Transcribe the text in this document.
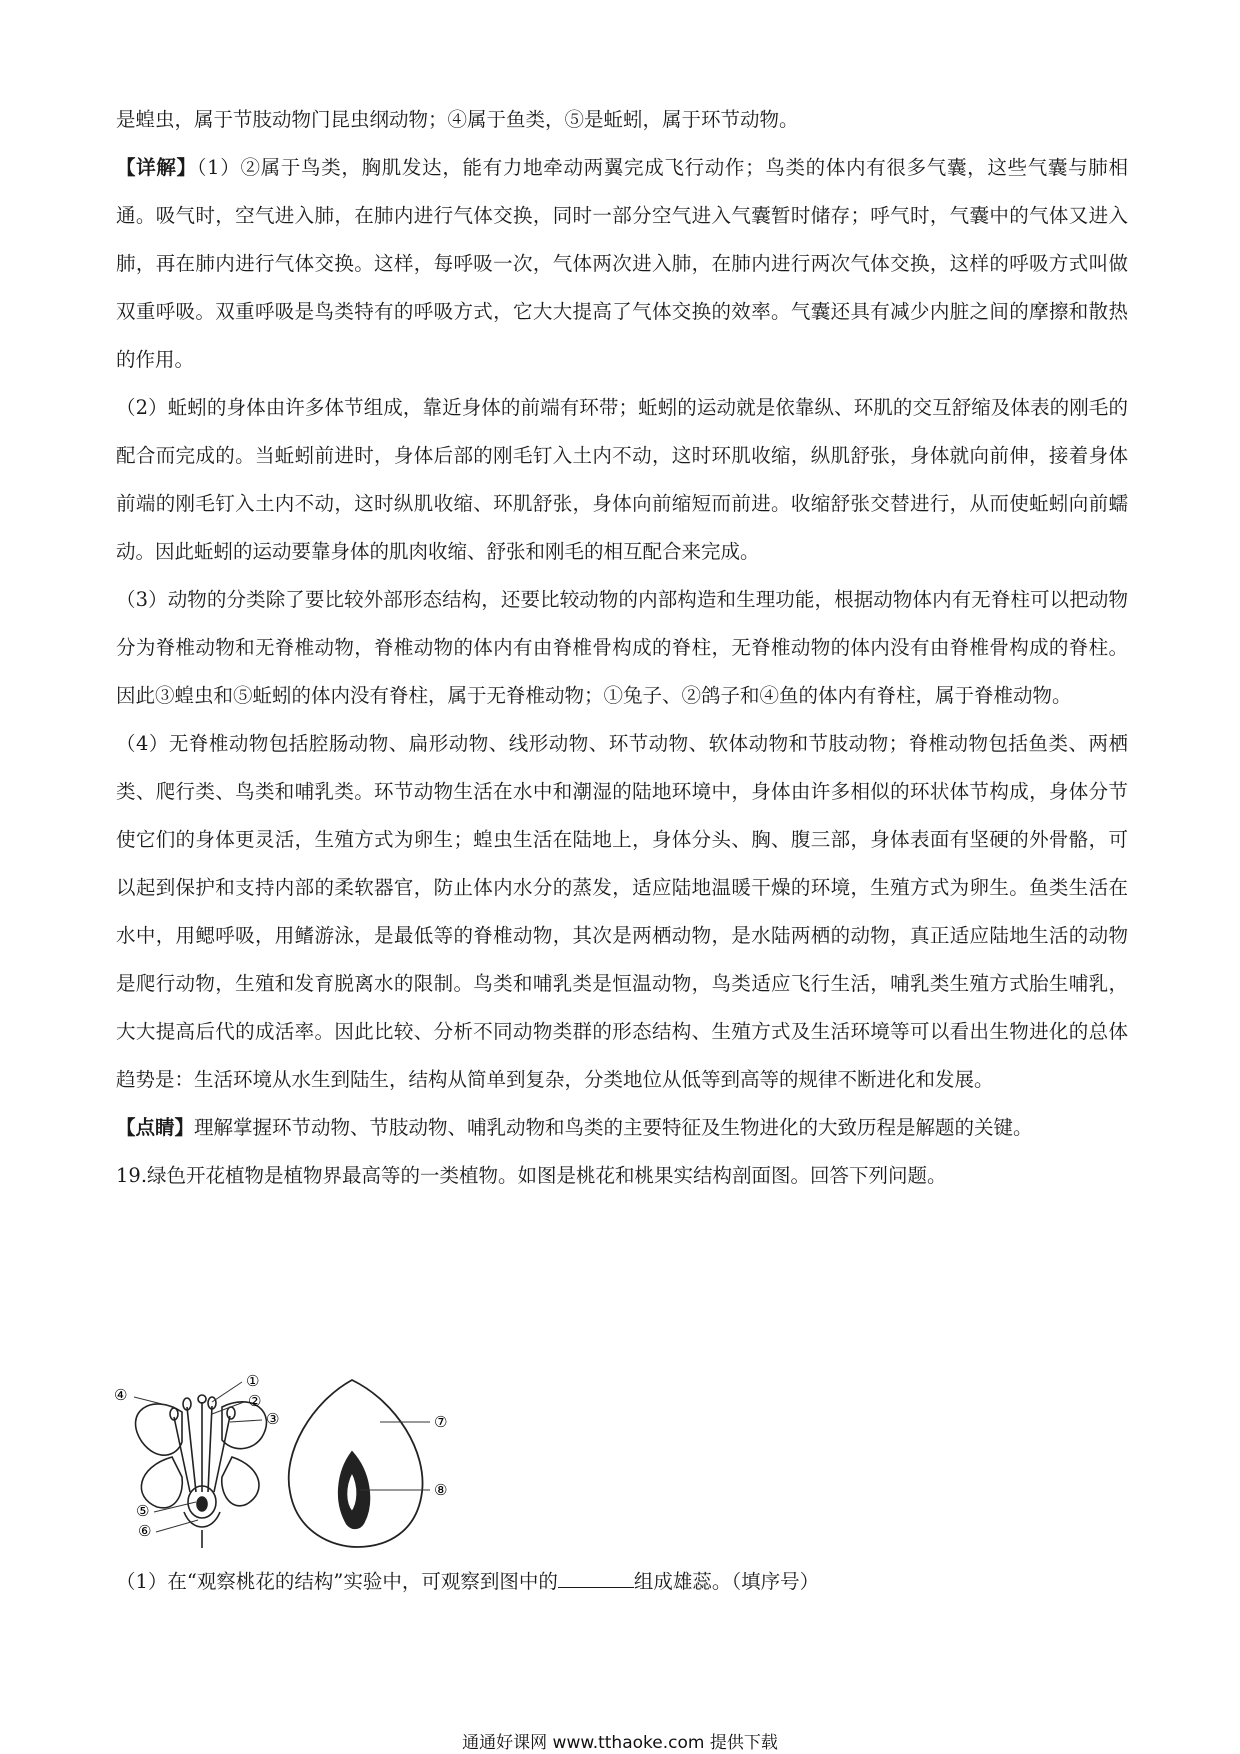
是蝗虫，属于节肢动物门昆虫纲动物；④属于鱼类，⑤是蚯蚓，属于环节动物。

【详解】（1）②属于鸟类，胸肌发达，能有力地牵动两翼完成飞行动作；鸟类的体内有很多气囊，这些气囊与肺相通。吸气时，空气进入肺，在肺内进行气体交换，同时一部分空气进入气囊暂时储存；呼气时，气囊中的气体又进入肺，再在肺内进行气体交换。这样，每呼吸一次，气体两次进入肺，在肺内进行两次气体交换，这样的呼吸方式叫做双重呼吸。双重呼吸是鸟类特有的呼吸方式，它大大提高了气体交换的效率。气囊还具有减少内脏之间的摩擦和散热的作用。

（2）蚯蚓的身体由许多体节组成，靠近身体的前端有环带；蚯蚓的运动就是依靠纵、环肌的交互舒缩及体表的刚毛的配合而完成的。当蚯蚓前进时，身体后部的刚毛钉入土内不动，这时环肌收缩，纵肌舒张，身体就向前伸，接着身体前端的刚毛钉入土内不动，这时纵肌收缩、环肌舒张，身体向前缩短而前进。收缩舒张交替进行，从而使蚯蚓向前蠕动。因此蚯蚓的运动要靠身体的肌肉收缩、舒张和刚毛的相互配合来完成。

（3）动物的分类除了要比较外部形态结构，还要比较动物的内部构造和生理功能，根据动物体内有无脊柱可以把动物分为脊椎动物和无脊椎动物，脊椎动物的体内有由脊椎骨构成的脊柱，无脊椎动物的体内没有由脊椎骨构成的脊柱。因此③蝗虫和⑤蚯蚓的体内没有脊柱，属于无脊椎动物；①兔子、②鸽子和④鱼的体内有脊柱，属于脊椎动物。

（4）无脊椎动物包括腔肠动物、扁形动物、线形动物、环节动物、软体动物和节肢动物；脊椎动物包括鱼类、两栖类、爬行类、鸟类和哺乳类。环节动物生活在水中和潮湿的陆地环境中，身体由许多相似的环状体节构成，身体分节使它们的身体更灵活，生殖方式为卵生；蝗虫生活在陆地上，身体分头、胸、腹三部，身体表面有坚硬的外骨骼，可以起到保护和支持内部的柔软器官，防止体内水分的蒸发，适应陆地温暖干燥的环境，生殖方式为卵生。鱼类生活在水中，用鳃呼吸，用鳍游泳，是最低等的脊椎动物，其次是两栖动物，是水陆两栖的动物，真正适应陆地生活的动物是爬行动物，生殖和发育脱离水的限制。鸟类和哺乳类是恒温动物，鸟类适应飞行生活，哺乳类生殖方式胎生哺乳，大大提高后代的成活率。因此比较、分析不同动物类群的形态结构、生殖方式及生活环境等可以看出生物进化的总体趋势是：生活环境从水生到陆生，结构从简单到复杂，分类地位从低等到高等的规律不断进化和发展。

【点睛】理解掌握环节动物、节肢动物、哺乳动物和鸟类的主要特征及生物进化的大致历程是解题的关键。

19.绿色开花植物是植物界最高等的一类植物。如图是桃花和桃果实结构剖面图。回答下列问题。

①
②
③
④
⑤
⑥
⑦
⑧
（1）在“观察桃花的结构”实验中，可观察到图中的	组成雄蕊。（填序号）
通通好课网 www.tthaoke.com 提供下载
